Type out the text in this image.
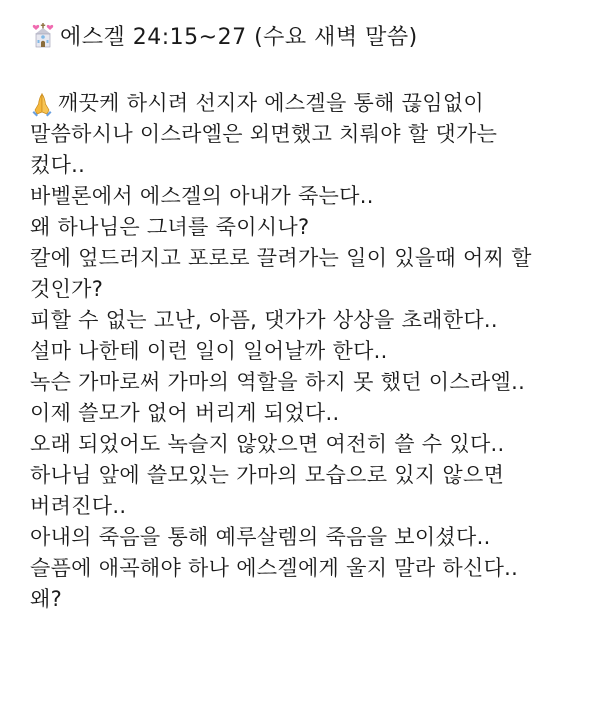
에스겔 24:15~27 (수요 새벽 말씀)
깨끗케 하시려 선지자 에스겔을 통해 끊임없이
말씀하시나 이스라엘은 외면했고 치뤄야 할 댓가는
컸다..
바벨론에서 에스겔의 아내가 죽는다..
왜 하나님은 그녀를 죽이시나?
칼에 엎드러지고 포로로 끌려가는 일이 있을때 어찌 할
것인가?
피할 수 없는 고난, 아픔, 댓가가 상상을 초래한다..
설마 나한테 이런 일이 일어날까 한다..
녹슨 가마로써 가마의 역할을 하지 못 했던 이스라엘..
이제 쓸모가 없어 버리게 되었다..
오래 되었어도 녹슬지 않았으면 여전히 쓸 수 있다..
하나님 앞에 쓸모있는 가마의 모습으로 있지 않으면
버려진다..
아내의 죽음을 통해 예루살렘의 죽음을 보이셨다..
슬픔에 애곡해야 하나 에스겔에게 울지 말라 하신다..
왜?
